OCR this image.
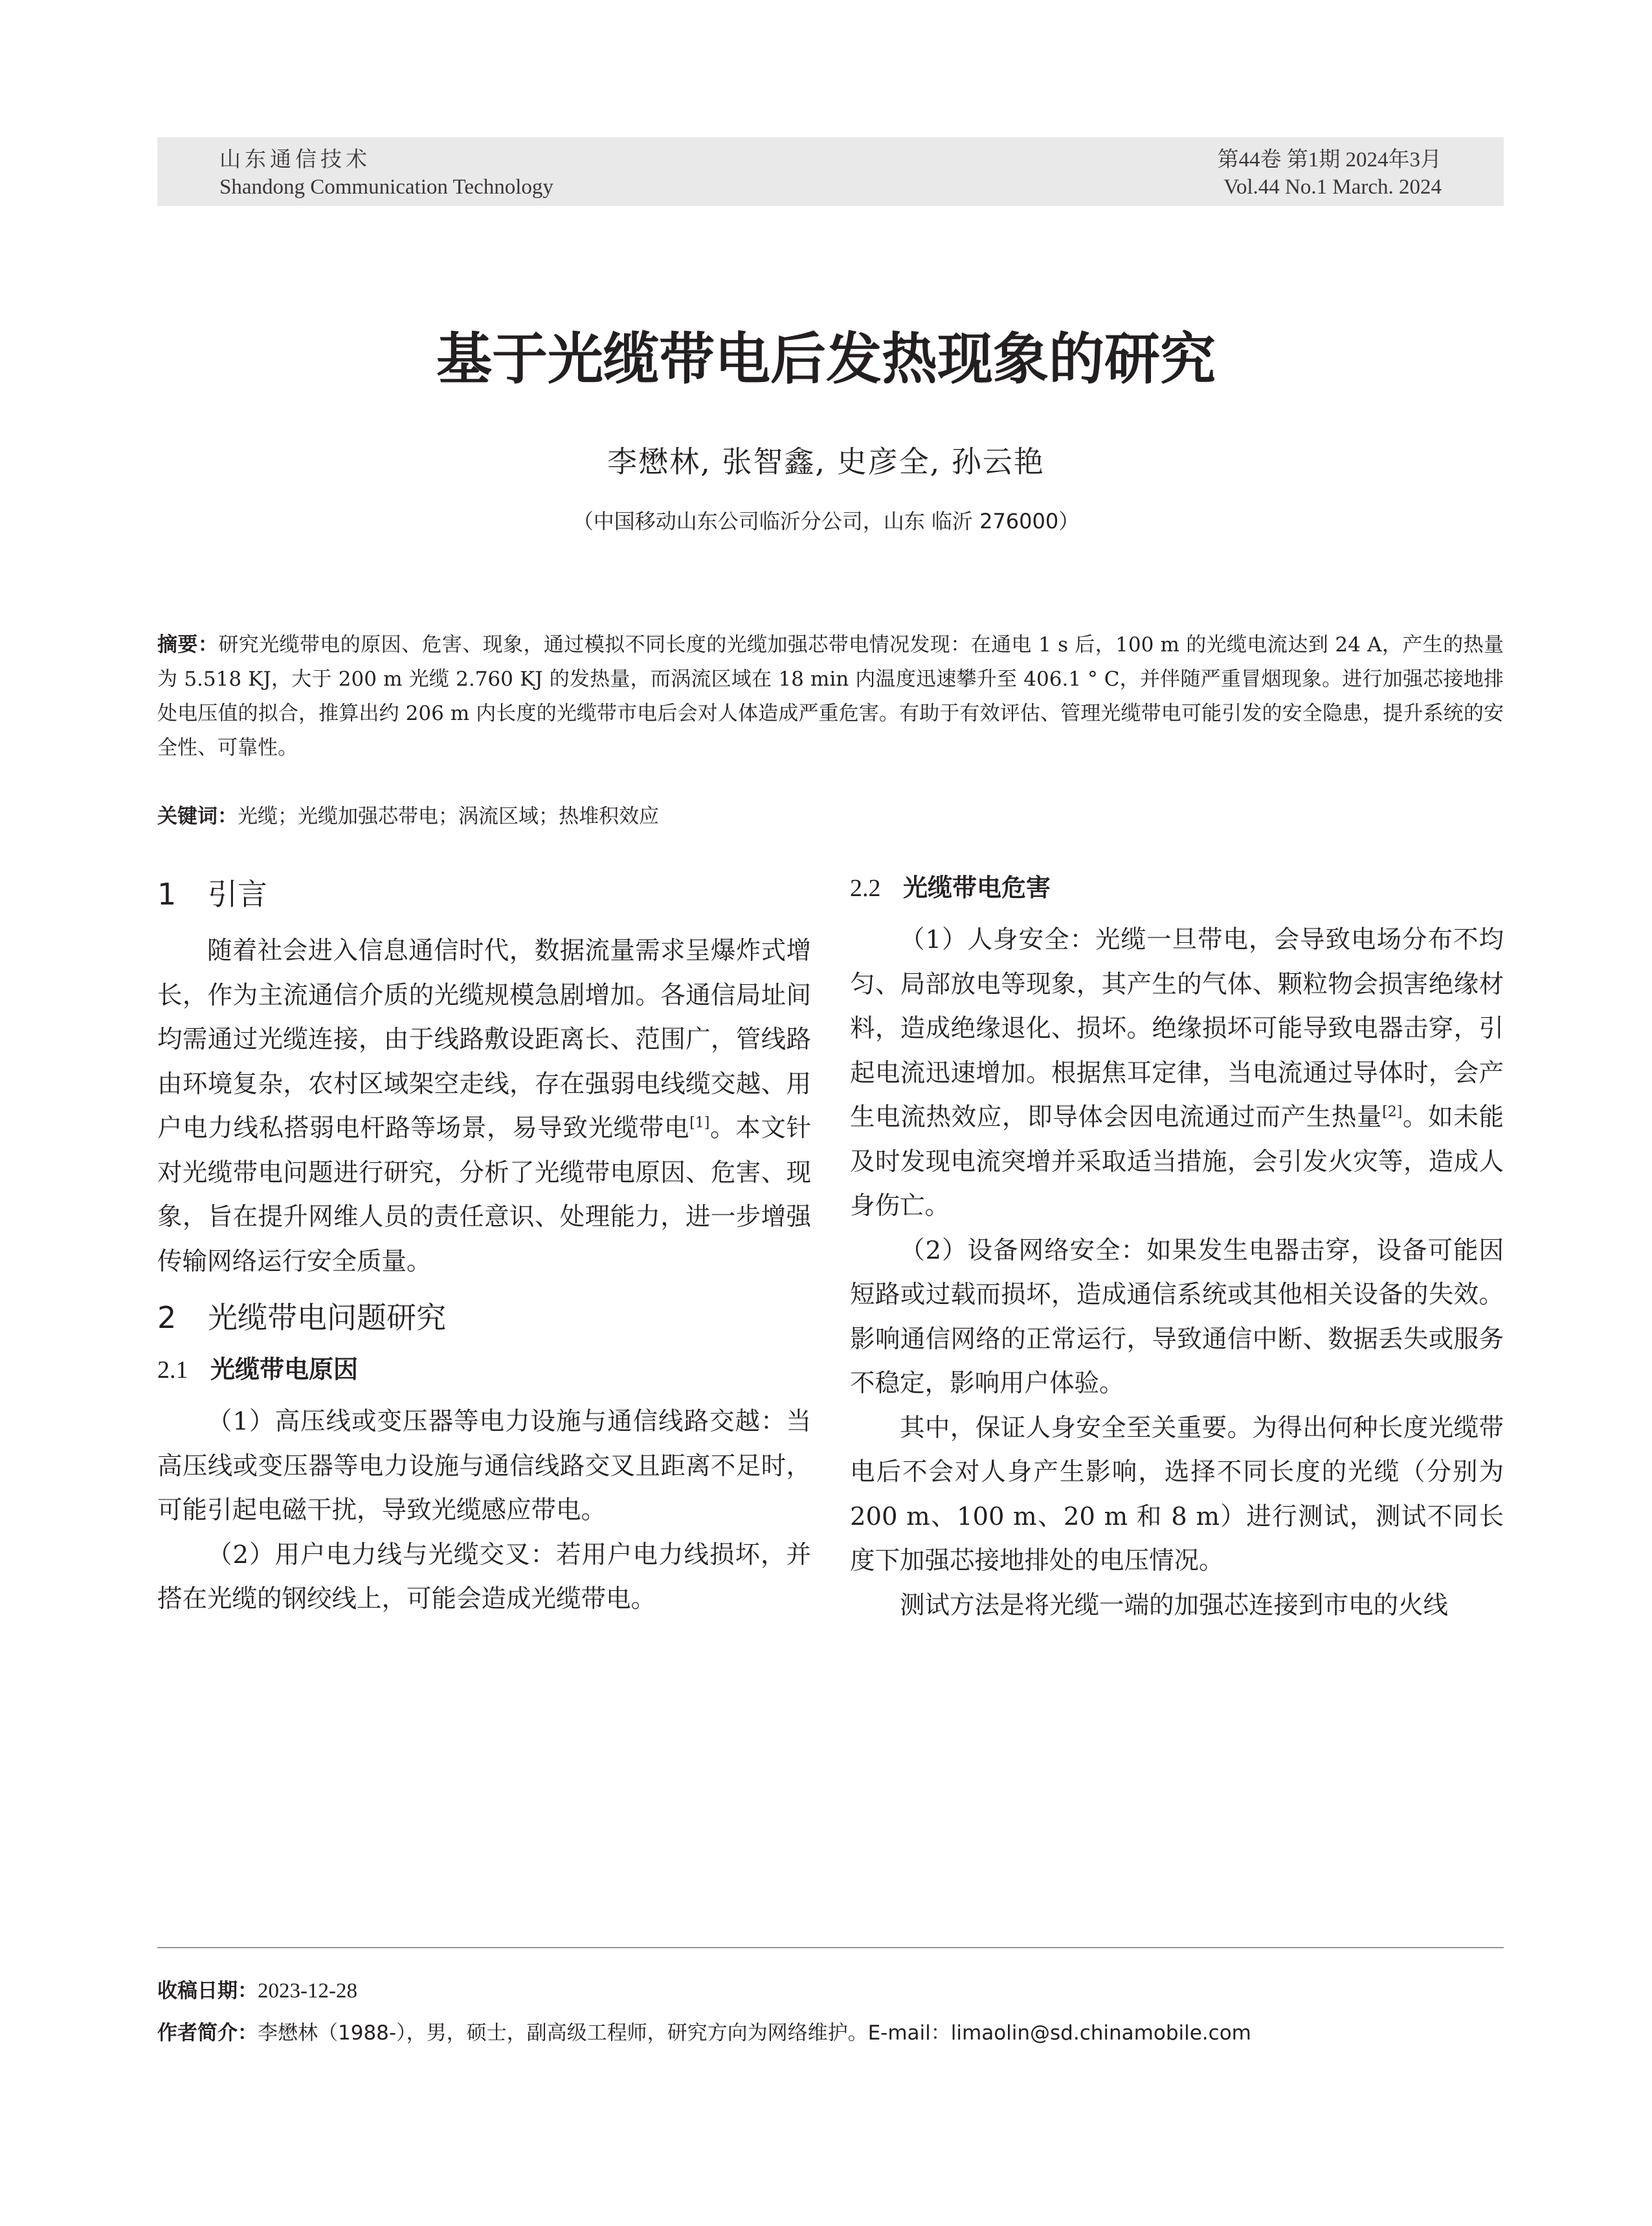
山东通信技术
Shandong Communication Technology
第44卷 第1期 2024年3月
Vol.44 No.1 March. 2024
基于光缆带电后发热现象的研究
李懋林, 张智鑫, 史彦全, 孙云艳
（中国移动山东公司临沂分公司，山东 临沂 276000）
摘要：研究光缆带电的原因、危害、现象，通过模拟不同长度的光缆加强芯带电情况发现：在通电 1 s 后，100 m 的光缆电流达到 24 A，产生的热量为 5.518 KJ，大于 200 m 光缆 2.760 KJ 的发热量，而涡流区域在 18 min 内温度迅速攀升至 406.1 ° C，并伴随严重冒烟现象。进行加强芯接地排处电压值的拟合，推算出约 206 m 内长度的光缆带市电后会对人体造成严重危害。有助于有效评估、管理光缆带电可能引发的安全隐患，提升系统的安全性、可靠性。
关键词：光缆；光缆加强芯带电；涡流区域；热堆积效应
1 引言

随着社会进入信息通信时代，数据流量需求呈爆炸式增长，作为主流通信介质的光缆规模急剧增加。各通信局址间均需通过光缆连接，由于线路敷设距离长、范围广，管线路由环境复杂，农村区域架空走线，存在强弱电线缆交越、用户电力线私搭弱电杆路等场景，易导致光缆带电[1]。本文针对光缆带电问题进行研究，分析了光缆带电原因、危害、现象，旨在提升网维人员的责任意识、处理能力，进一步增强传输网络运行安全质量。

2 光缆带电问题研究
2.1 光缆带电原因

（1）高压线或变压器等电力设施与通信线路交越：当高压线或变压器等电力设施与通信线路交叉且距离不足时，可能引起电磁干扰，导致光缆感应带电。

（2）用户电力线与光缆交叉：若用户电力线损坏，并搭在光缆的钢绞线上，可能会造成光缆带电。

2.2 光缆带电危害

（1）人身安全：光缆一旦带电，会导致电场分布不均匀、局部放电等现象，其产生的气体、颗粒物会损害绝缘材料，造成绝缘退化、损坏。绝缘损坏可能导致电器击穿，引起电流迅速增加。根据焦耳定律，当电流通过导体时，会产生电流热效应，即导体会因电流通过而产生热量[2]。如未能及时发现电流突增并采取适当措施，会引发火灾等，造成人身伤亡。

（2）设备网络安全：如果发生电器击穿，设备可能因短路或过载而损坏，造成通信系统或其他相关设备的失效。影响通信网络的正常运行，导致通信中断、数据丢失或服务不稳定，影响用户体验。

其中，保证人身安全至关重要。为得出何种长度光缆带电后不会对人身产生影响，选择不同长度的光缆（分别为 200 m、100 m、20 m 和 8 m）进行测试，测试不同长度下加强芯接地排处的电压情况。

测试方法是将光缆一端的加强芯连接到市电的火线

收稿日期：2023-12-28
作者简介：李懋林（1988-），男，硕士，副高级工程师，研究方向为网络维护。E-mail：limaolin@sd.chinamobile.com
